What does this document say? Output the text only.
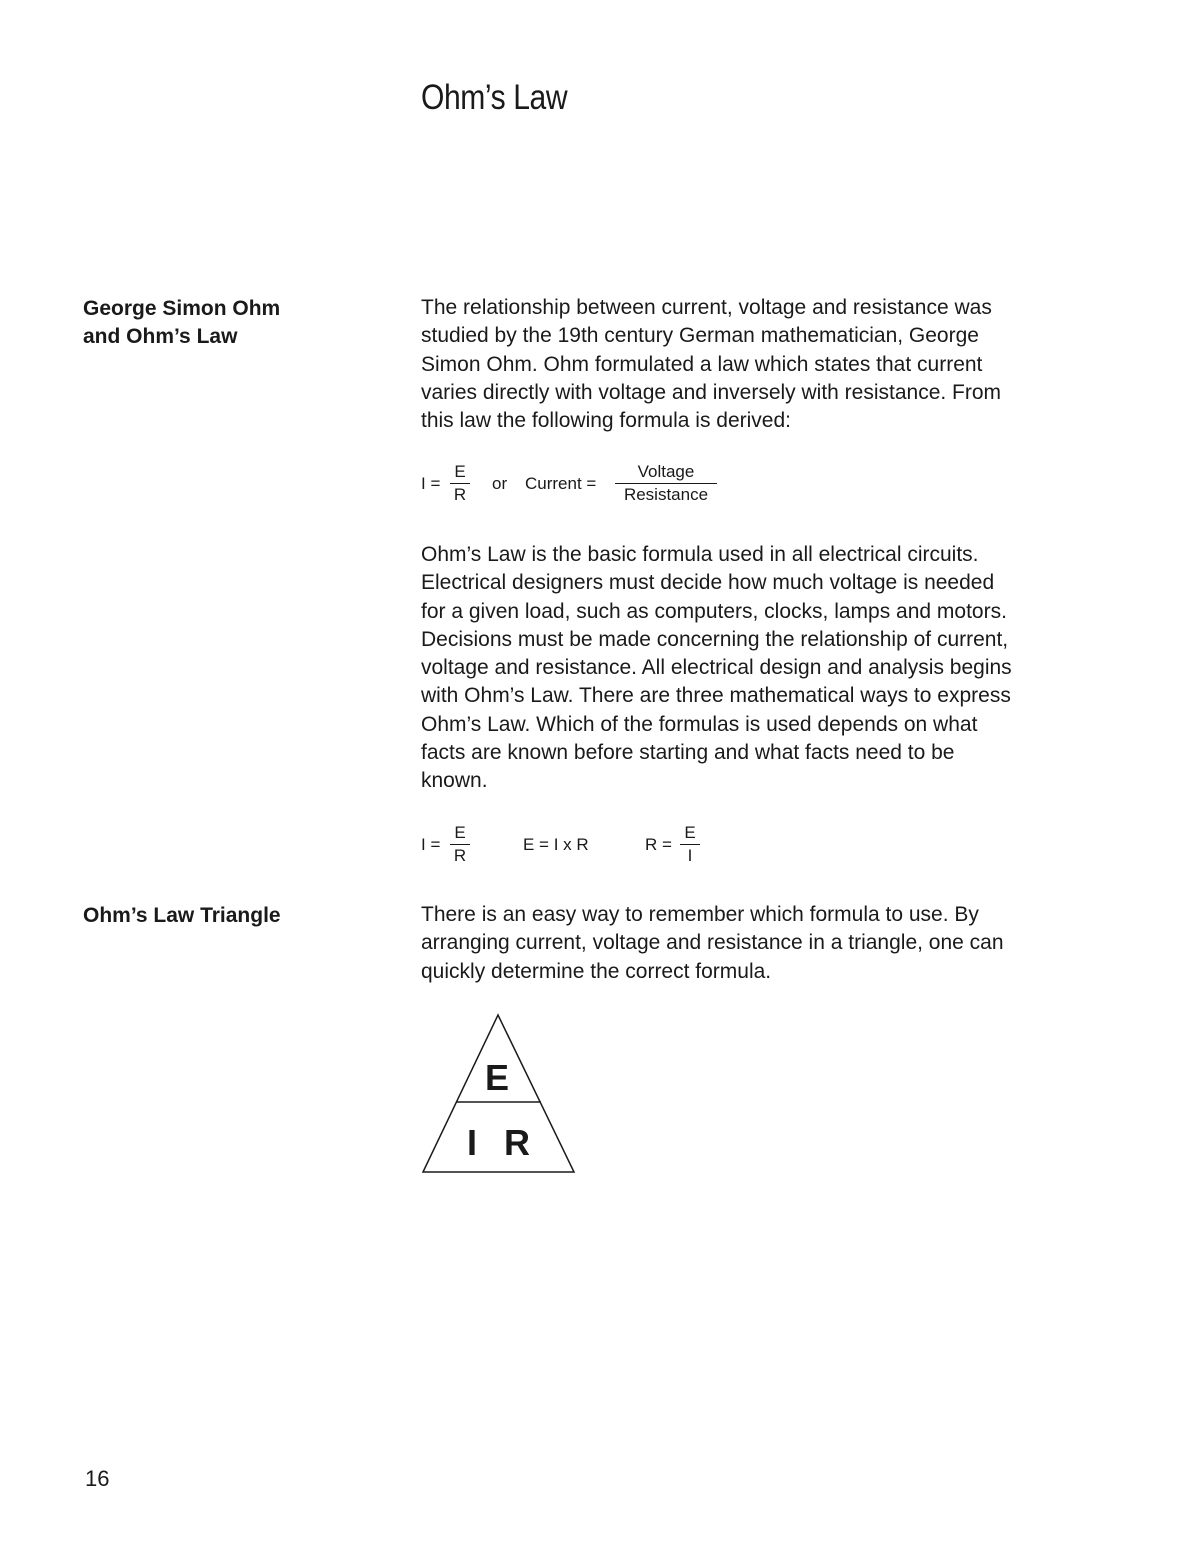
Ohm’s Law
George Simon Ohm
and Ohm’s Law

The relationship between current, voltage and resistance was
studied by the 19th century German mathematician, George
Simon Ohm. Ohm formulated a law which states that current
varies directly with voltage and inversely with resistance. From
this law the following formula is derived:

I =
E
R
or Current =
Voltage
Resistance

Ohm’s Law is the basic formula used in all electrical circuits.
Electrical designers must decide how much voltage is needed
for a given load, such as computers, clocks, lamps and motors.
Decisions must be made concerning the relationship of current,
voltage and resistance. All electrical design and analysis begins
with Ohm’s Law. There are three mathematical ways to express
Ohm’s Law. Which of the formulas is used depends on what
facts are known before starting and what facts need to be
known.

I =
E
R
E = I x R	R =
E
I
Ohm’s Law Triangle	There is an easy way to remember which formula to use. By
arranging current, voltage and resistance in a triangle, one can
quickly determine the correct formula.

E
I R

16
